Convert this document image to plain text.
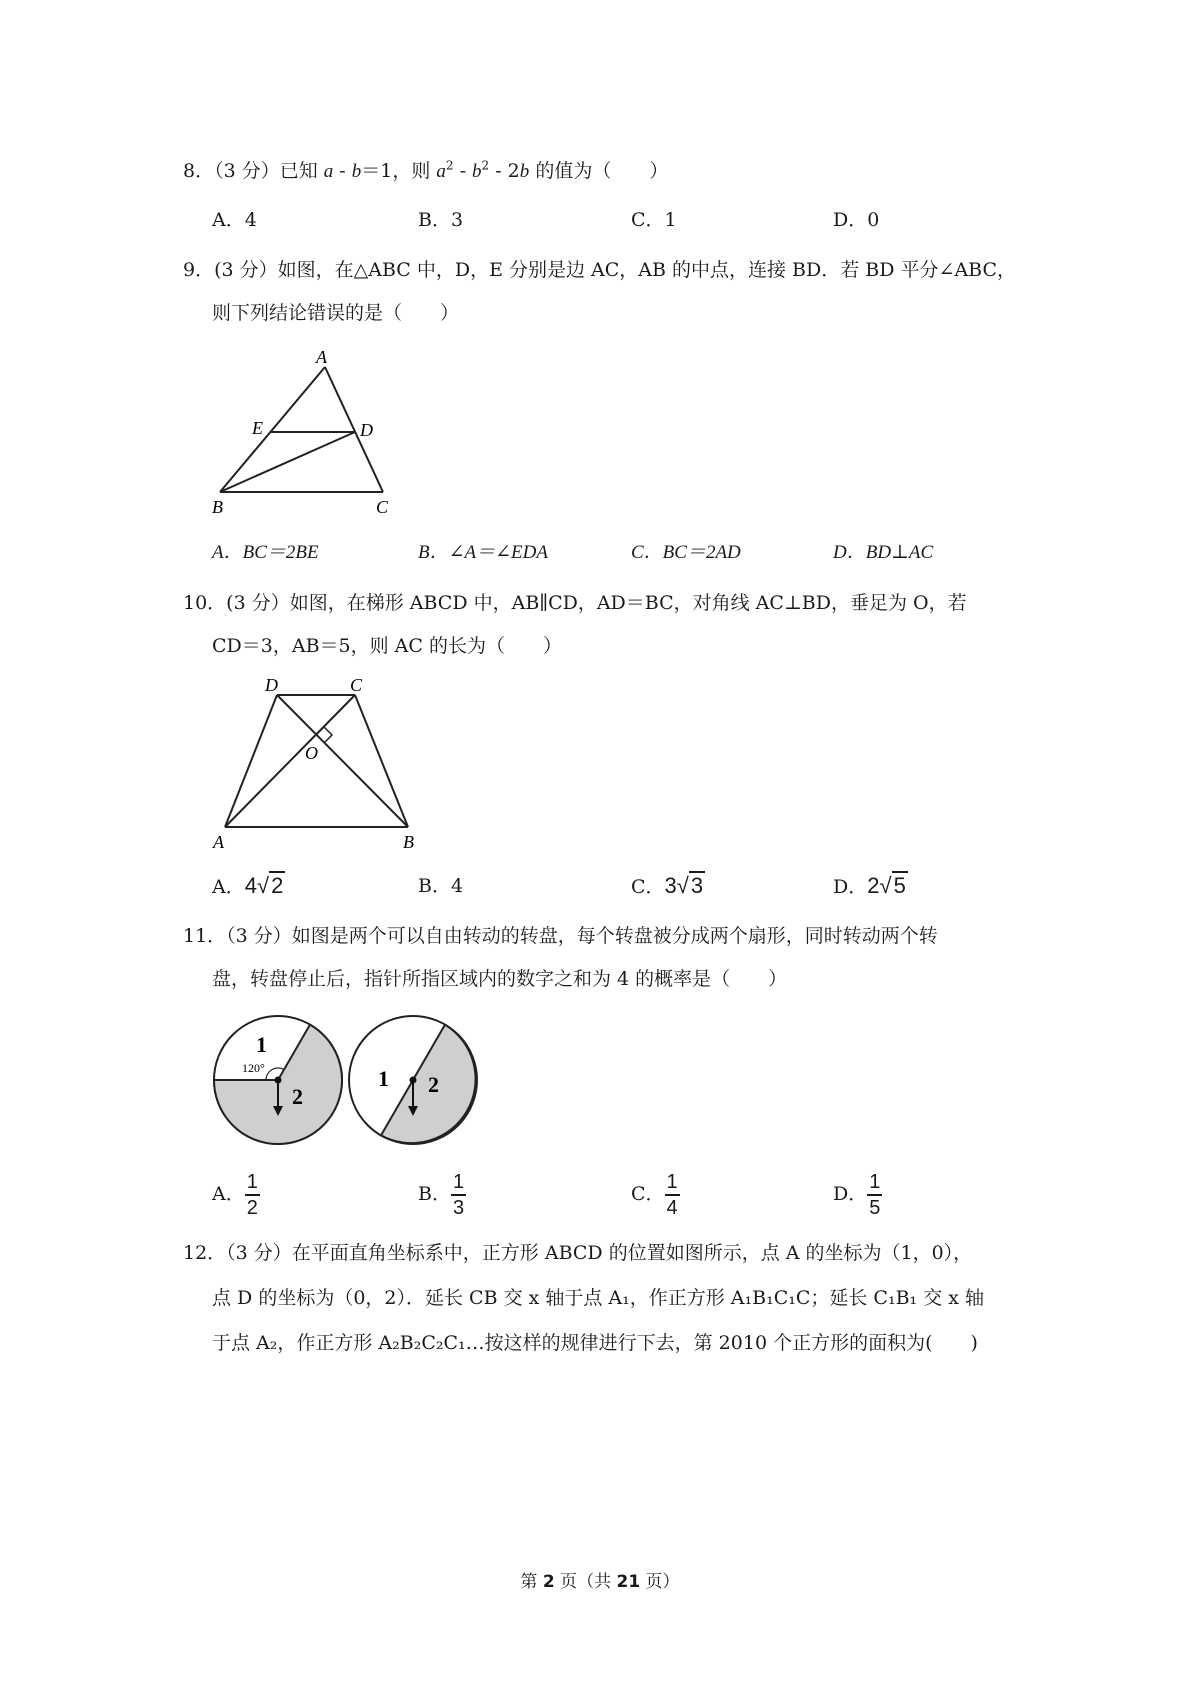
8．（3 分）已知 a - b＝1，则 $a^2 - b^2 - 2b$ 的值为（　　）
A．4	B．3	C．1	D．0
9．(3 分）如图，在△ABC 中，D，E 分别是边 AC，AB 的中点，连接 BD．若 BD 平分∠ABC，
则下列结论错误的是（　　）
A
E	D
B	C
A．BC＝2BE	B．∠A＝∠EDA	C．BC＝2AD	D．BD⊥AC
10．(3 分）如图，在梯形 ABCD 中，AB∥CD，AD＝BC，对角线 AC⊥BD，垂足为 O，若
CD＝3，AB＝5，则 AC 的长为（　　）
D	C
O
A	B
A．4√2	B．4	C．3√3	D．2√5
11．（3 分）如图是两个可以自由转动的转盘，每个转盘被分成两个扇形，同时转动两个转
盘，转盘停止后，指针所指区域内的数字之和为 4 的概率是（　　）
1
2
120°	1 2
A． $\frac{1}{2}$	B． $\frac{1}{3}$	C． $\frac{1}{4}$	D． $\frac{1}{5}$
12．（3 分）在平面直角坐标系中，正方形 ABCD 的位置如图所示，点 A 的坐标为（1，0），
点 D 的坐标为（0，2）．延长 CB 交 x 轴于点 A₁，作正方形 A₁B₁C₁C；延长 C₁B₁ 交 x 轴
于点 A₂，作正方形 A₂B₂C₂C₁…按这样的规律进行下去，第 2010 个正方形的面积为(　　)
第 2 页（共 21 页）
